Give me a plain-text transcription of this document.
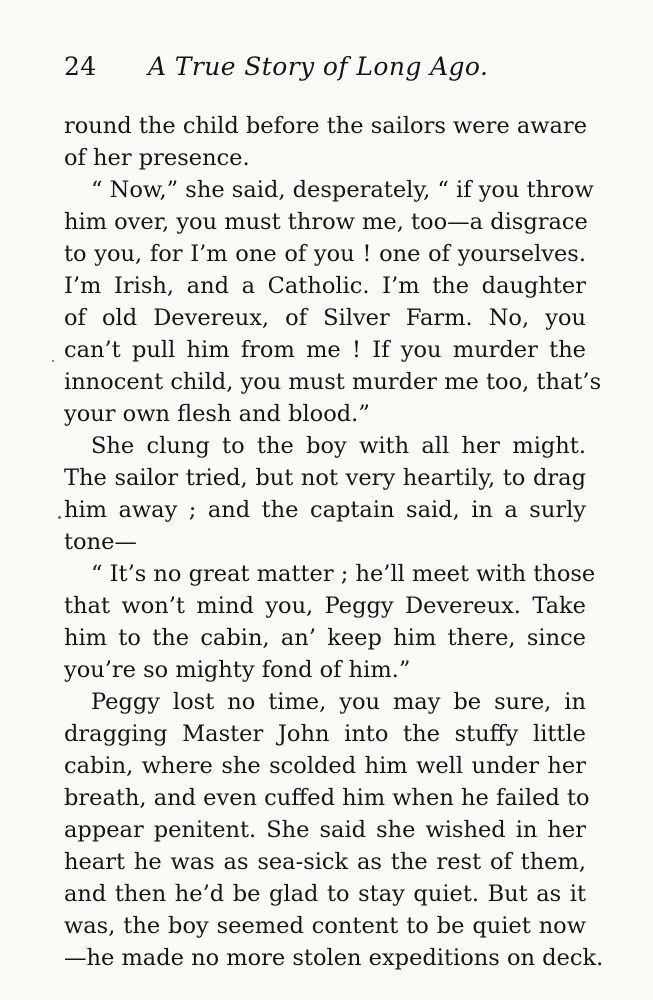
24 A True Story of Long Ago.
round the child before the sailors were aware
of her presence.
“ Now,” she said, desperately, “ if you throw
him over, you must throw me, too—a disgrace
to you, for I’m one of you ! one of yourselves.
I’m Irish, and a Catholic. I’m the daughter
of old Devereux, of Silver Farm. No, you
can’t pull him from me ! If you murder the
innocent child, you must murder me too, that’s
your own flesh and blood.”
She clung to the boy with all her might.
The sailor tried, but not very heartily, to drag
him away ; and the captain said, in a surly
tone—
“ It’s no great matter ; he’ll meet with those
that won’t mind you, Peggy Devereux. Take
him to the cabin, an’ keep him there, since
you’re so mighty fond of him.”
Peggy lost no time, you may be sure, in
dragging Master John into the stuffy little
cabin, where she scolded him well under her
breath, and even cuffed him when he failed to
appear penitent. She said she wished in her
heart he was as sea-sick as the rest of them,
and then he’d be glad to stay quiet. But as it
was, the boy seemed content to be quiet now
—he made no more stolen expeditions on deck.
